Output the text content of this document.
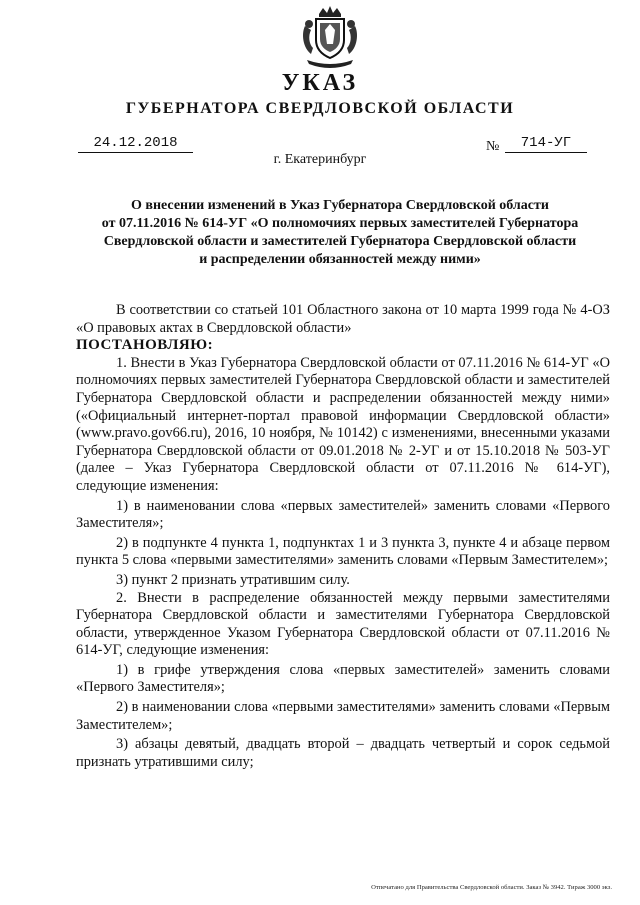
УКАЗ
ГУБЕРНАТОРА СВЕРДЛОВСКОЙ ОБЛАСТИ
24.12.2018	№	714-УГ
г. Екатеринбург
О внесении изменений в Указ Губернатора Свердловской области
от 07.11.2016 № 614-УГ «О полномочиях первых заместителей Губернатора
Свердловской области и заместителей Губернатора Свердловской области
и распределении обязанностей между ними»

В соответствии со статьей 101 Областного закона от 10 марта 1999 года № 4-ОЗ «О правовых актах в Свердловской области»

ПОСТАНОВЛЯЮ:

1. Внести в Указ Губернатора Свердловской области от 07.11.2016 № 614-УГ «О полномочиях первых заместителей Губернатора Свердловской области и заместителей Губернатора Свердловской области и распределении обязанностей между ними» («Официальный интернет-портал правовой информации Свердловской области» (www.pravo.gov66.ru), 2016, 10 ноября, № 10142) с изменениями, внесенными указами Губернатора Свердловской области от 09.01.2018 № 2-УГ и от 15.10.2018 № 503-УГ (далее – Указ Губернатора Свердловской области от 07.11.2016 № 614-УГ), следующие изменения:

1) в наименовании слова «первых заместителей» заменить словами «Первого Заместителя»;

2) в подпункте 4 пункта 1, подпунктах 1 и 3 пункта 3, пункте 4 и абзаце первом пункта 5 слова «первыми заместителями» заменить словами «Первым Заместителем»;

3) пункт 2 признать утратившим силу.

2. Внести в распределение обязанностей между первыми заместителями Губернатора Свердловской области и заместителями Губернатора Свердловской области, утвержденное Указом Губернатора Свердловской области от 07.11.2016 № 614-УГ, следующие изменения:

1) в грифе утверждения слова «первых заместителей» заменить словами «Первого Заместителя»;

2) в наименовании слова «первыми заместителями» заменить словами «Первым Заместителем»;

3) абзацы девятый, двадцать второй – двадцать четвертый и сорок седьмой признать утратившими силу;

Отпечатано для Правительства Свердловской области. Заказ № 3942. Тираж 3000 экз.
